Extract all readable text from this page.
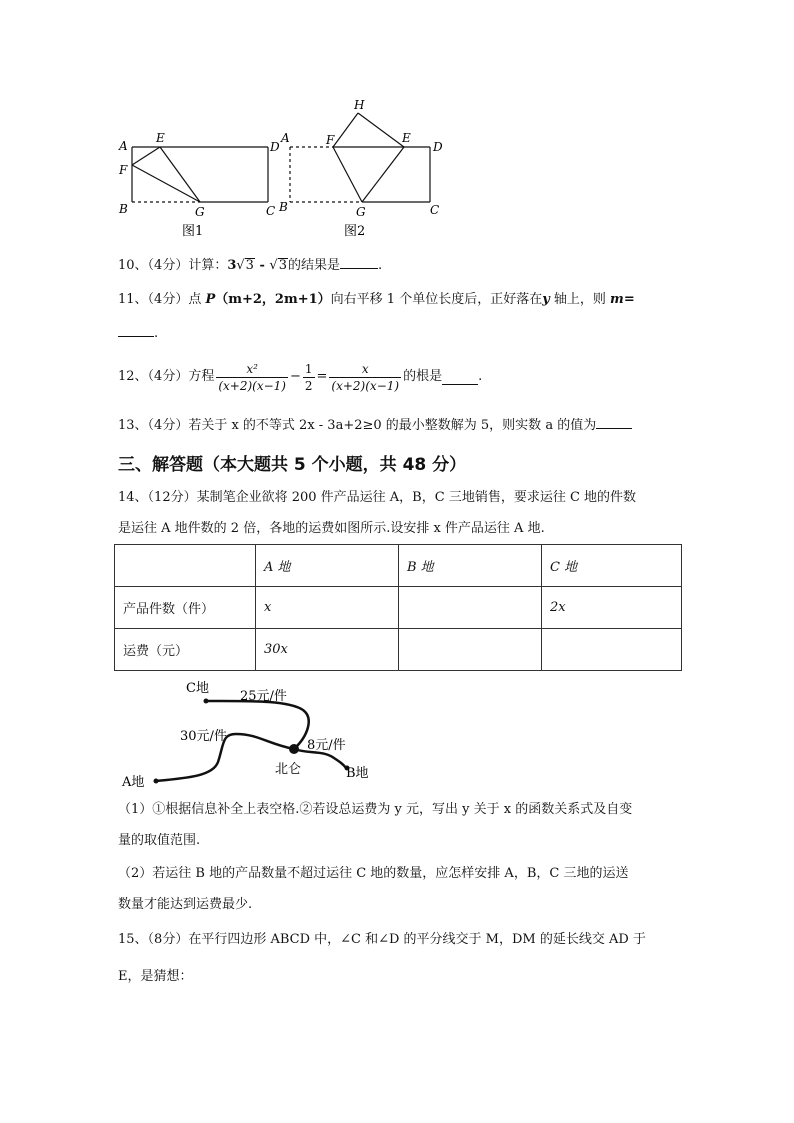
A
E
D
F
B	G	C
图1
H
A	F	E
D
B	G	C
图2
10、（4分）计算：3√3 - √3的结果是	.
11、（4分）点 P（m+2，2m+1）向右平移 1 个单位长度后，正好落在y 轴上，则 m=
.
12、（4分）方程 $\frac{\text{x²}}{(x+2)(x-1)} - \frac{1}{2} = \frac{x}{(x+2)(x-1)}$ 的根是	.
13、（4分）若关于 x 的不等式 2x - 3a+2≥0 的最小整数解为 5，则实数 a 的值为
三、解答题（本大题共 5 个小题，共 48 分）
14、（12分）某制笔企业欲将 200 件产品运往 A，B，C 三地销售，要求运往 C 地的件数
是运往 A 地件数的 2 倍，各地的运费如图所示.设安排 x 件产品运往 A 地.
	A 地	B 地	C 地
产品件数（件）	x		2x
运费（元）	30x		
C地
25元/件
30元/件
8元/件
A地
北仑	B地
（1）①根据信息补全上表空格.②若设总运费为 y 元，写出 y 关于 x 的函数关系式及自变
量的取值范围.
（2）若运往 B 地的产品数量不超过运往 C 地的数量，应怎样安排 A，B，C 三地的运送
数量才能达到运费最少.
15、（8分）在平行四边形 ABCD 中，∠C 和∠D 的平分线交于 M，DM 的延长线交 AD 于
E，是猜想：
